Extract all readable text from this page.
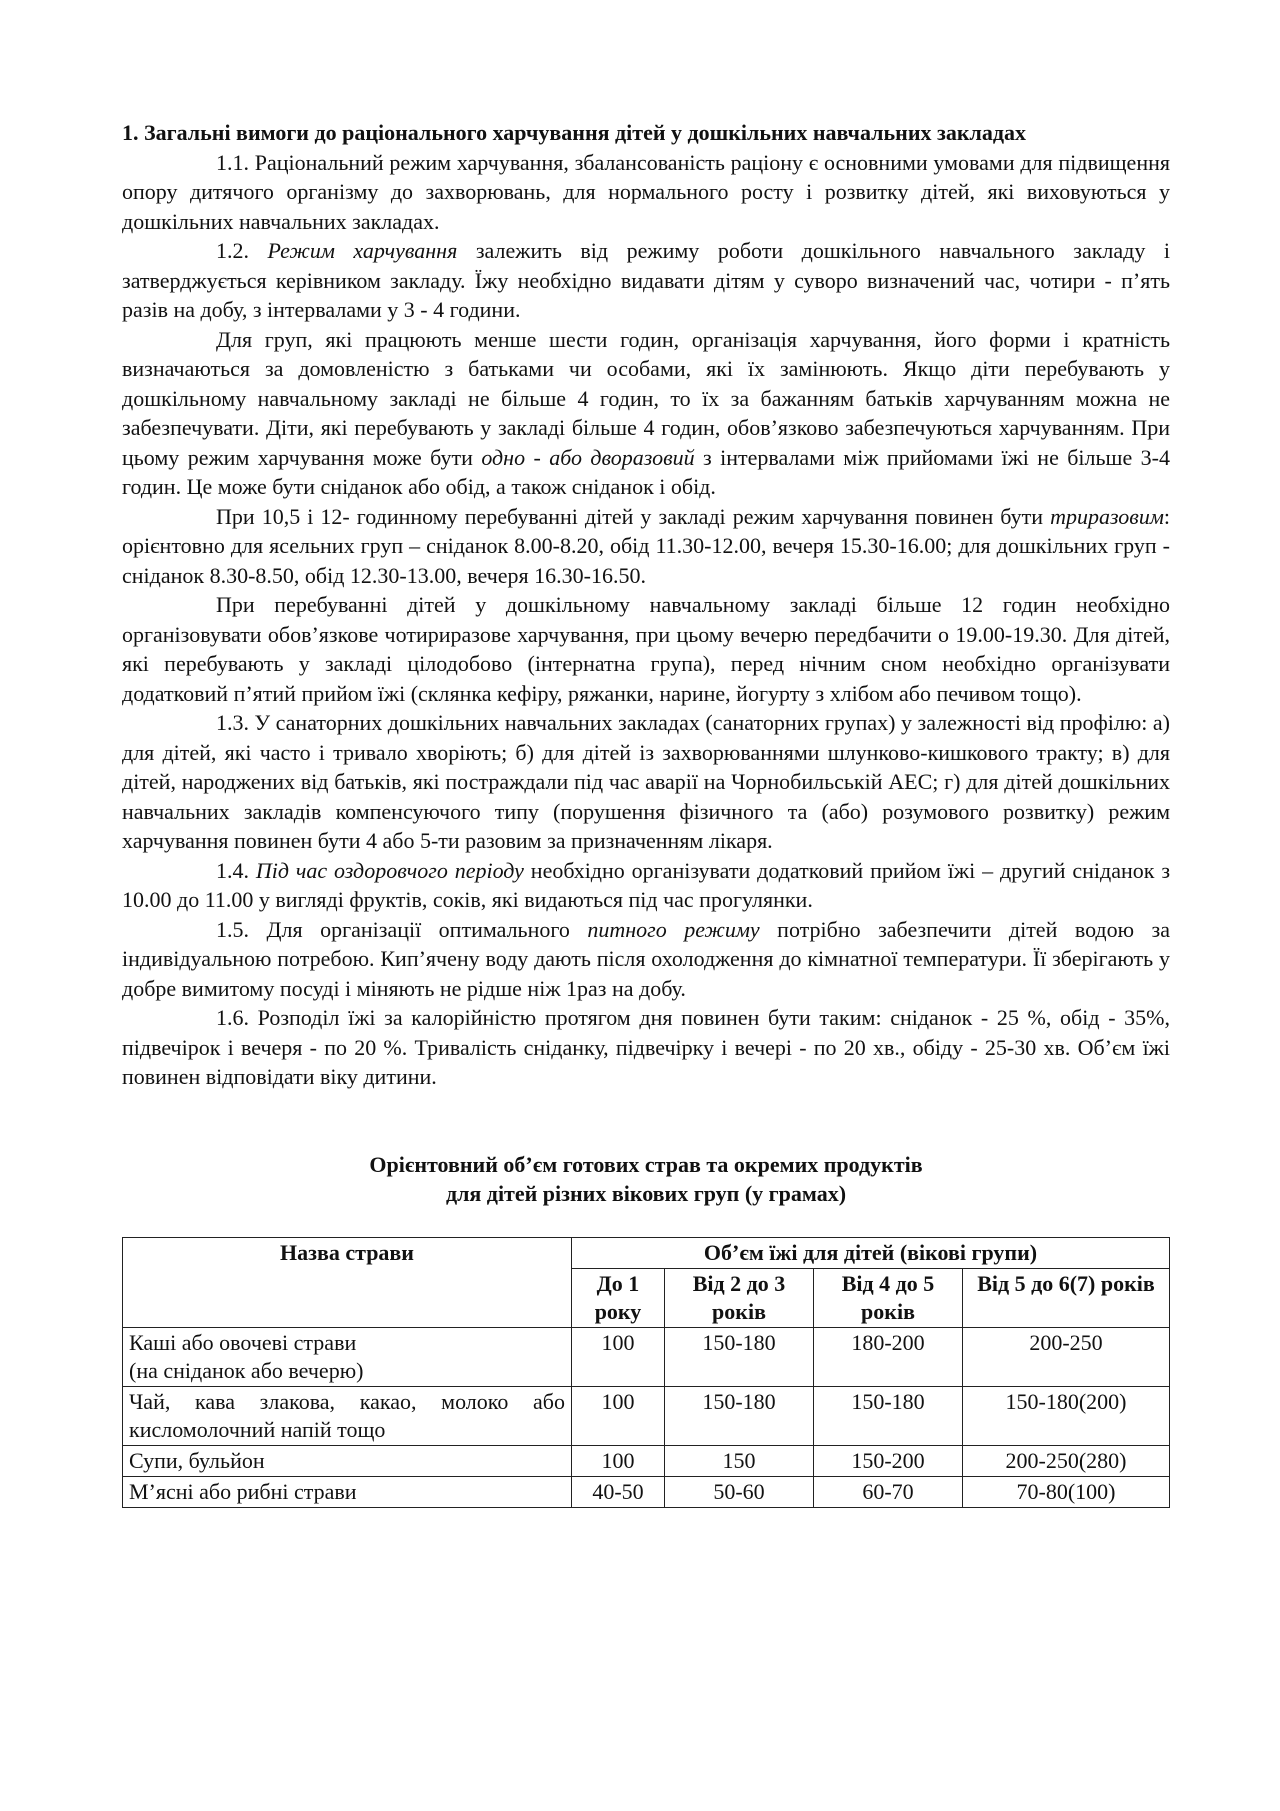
1. Загальні вимоги до раціонального харчування дітей у дошкільних навчальних закладах

1.1. Раціональний режим харчування, збалансованість раціону є основними умовами для підвищення опору дитячого організму до захворювань, для нормального росту і розвитку дітей, які виховуються у дошкільних навчальних закладах.

1.2. Режим харчування залежить від режиму роботи дошкільного навчального закладу і затверджується керівником закладу. Їжу необхідно видавати дітям у суворо визначений час, чотири - п’ять разів на добу, з інтервалами у 3 - 4 години.

Для груп, які працюють менше шести годин, організація харчування, його форми і кратність визначаються за домовленістю з батьками чи особами, які їх замінюють. Якщо діти перебувають у дошкільному навчальному закладі не більше 4 годин, то їх за бажанням батьків харчуванням можна не забезпечувати. Діти, які перебувають у закладі більше 4 годин, обов’язково забезпечуються харчуванням. При цьому режим харчування може бути одно - або дворазовий з інтервалами між прийомами їжі не більше 3-4 годин. Це може бути сніданок або обід, а також сніданок і обід.

При 10,5 і 12- годинному перебуванні дітей у закладі режим харчування повинен бути триразовим: орієнтовно для ясельних груп – сніданок 8.00-8.20, обід 11.30-12.00, вечеря 15.30-16.00; для дошкільних груп - сніданок 8.30-8.50, обід 12.30-13.00, вечеря 16.30-16.50.

При перебуванні дітей у дошкільному навчальному закладі більше 12 годин необхідно організовувати обов’язкове чотириразове харчування, при цьому вечерю передбачити о 19.00-19.30. Для дітей, які перебувають у закладі цілодобово (інтернатна група), перед нічним сном необхідно організувати додатковий п’ятий прийом їжі (склянка кефіру, ряжанки, нарине, йогурту з хлібом або печивом тощо).

1.3. У санаторних дошкільних навчальних закладах (санаторних групах) у залежності від профілю: а) для дітей, які часто і тривало хворіють; б) для дітей із захворюваннями шлунково-кишкового тракту; в) для дітей, народжених від батьків, які постраждали під час аварії на Чорнобильській АЕС; г) для дітей дошкільних навчальних закладів компенсуючого типу (порушення фізичного та (або) розумового розвитку) режим харчування повинен бути 4 або 5-ти разовим за призначенням лікаря.

1.4. Під час оздоровчого періоду необхідно організувати додатковий прийом їжі – другий сніданок з 10.00 до 11.00 у вигляді фруктів, соків, які видаються під час прогулянки.

1.5. Для організації оптимального питного режиму потрібно забезпечити дітей водою за індивідуальною потребою. Кип’ячену воду дають після охолодження до кімнатної температури. Її зберігають у добре вимитому посуді і міняють не рідше ніж 1раз на добу.

1.6. Розподіл їжі за калорійністю протягом дня повинен бути таким: сніданок - 25 %, обід - 35%, підвечірок і вечеря - по 20 %. Тривалість сніданку, підвечірку і вечері - по 20 хв., обіду - 25-30 хв. Об’єм їжі повинен відповідати віку дитини.

Орієнтовний об’єм готових страв та окремих продуктів
для дітей різних вікових груп (у грамах)

Назва страви	Об’єм їжі для дітей (вікові групи)			
	До 1 року	Від 2 до 3 років	Від 4 до 5 років	Від 5 до 6(7) років
Каші або овочеві страви
(на сніданок або вечерю)	100	150-180	180-200	200-250
Чай, кава злакова, какао, молоко або кисломолочний напій тощо	100	150-180	150-180	150-180(200)
Супи, бульйон	100	150	150-200	200-250(280)
М’ясні або рибні страви	40-50	50-60	60-70	70-80(100)
